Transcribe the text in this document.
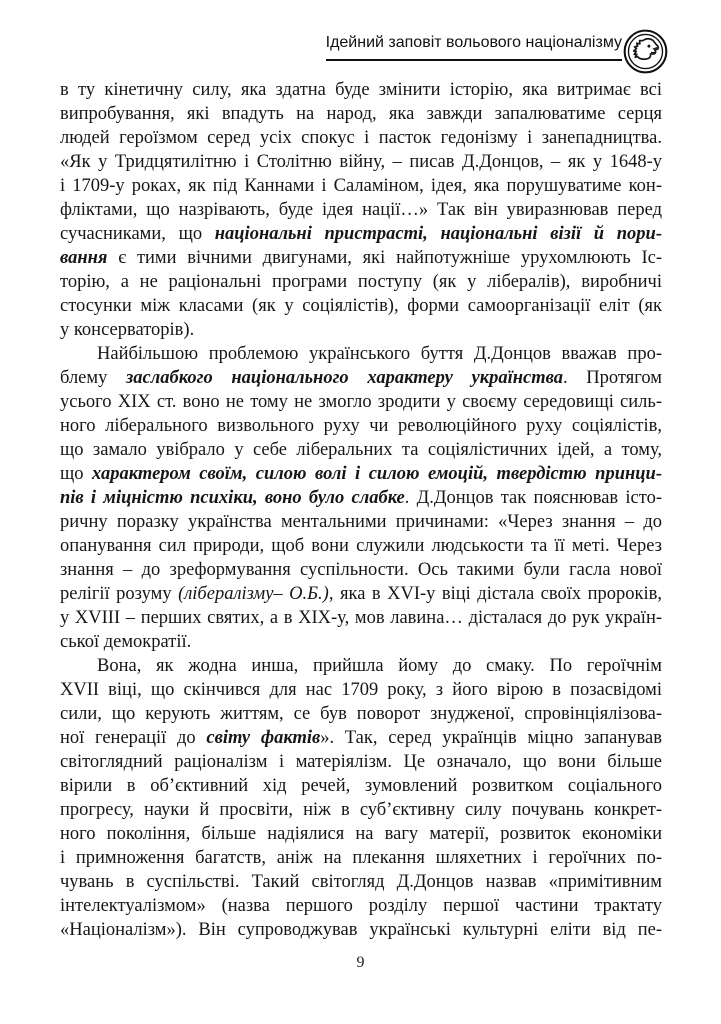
Ідейний заповіт вольового націоналізму
в ту кінетичну силу, яка здатна буде змінити історію, яка витримає всі
випробування, які впадуть на народ, яка завжди запалюватиме серця
людей героїзмом серед усіх спокус і пасток гедонізму і занепадництва.
«Як у Тридцятилітню і Столітню війну, – писав Д.Донцов, – як у 1648-у
і 1709-у роках, як під Каннами і Саламіном, ідея, яка порушуватиме кон-
фліктами, що назрівають, буде ідея нації…» Так він увиразнював перед
сучасниками, що національні пристрасті, національні візії й пори-
вання є тими вічними двигунами, які найпотужніше урухомлюють Іс-
торію, а не раціональні програми поступу (як у лібералів), виробничі
стосунки між класами (як у соціялістів), форми самоорганізації еліт (як
у консерваторів).
Найбільшою проблемою українського буття Д.Донцов вважав про-
блему заслабкого національного характеру українства. Протягом
усього XIX ст. воно не тому не змогло зродити у своєму середовищі силь-
ного ліберального визвольного руху чи революційного руху соціялістів,
що замало увібрало у себе ліберальних та соціялістичних ідей, а тому,
що характером своїм, силою волі і силою емоцій, твердістю принци-
пів і міцністю психіки, воно було слабке. Д.Донцов так пояснював істо-
ричну поразку українства ментальними причинами: «Через знання – до
опанування сил природи, щоб вони служили людськости та її меті. Через
знання – до зреформування суспільности. Ось такими були гасла нової
релігії розуму (лібералізму– О.Б.), яка в XVI-у віці дістала своїх пророків,
у XVIII – перших святих, а в XIX-у, мов лавина… дісталася до рук україн-
ської демократії.
Вона, як жодна инша, прийшла йому до смаку. По героїчнім
XVII віці, що скінчився для нас 1709 року, з його вірою в позасвідомі
сили, що керують життям, се був поворот знудженої, спровінціялізова-
ної генерації до світу фактів». Так, серед українців міцно запанував
світоглядний раціоналізм і матеріялізм. Це означало, що вони більше
вірили в об’єктивний хід речей, зумовлений розвитком соціального
прогресу, науки й просвіти, ніж в суб’єктивну силу почувань конкрет-
ного покоління, більше надіялися на вагу матерії, розвиток економіки
і примноження багатств, аніж на плекання шляхетних і героїчних по-
чувань в суспільстві. Такий світогляд Д.Донцов назвав «примітивним
інтелектуалізмом» (назва першого розділу першої частини трактату
«Націоналізм»). Він супроводжував українські культурні еліти від пе-
9
